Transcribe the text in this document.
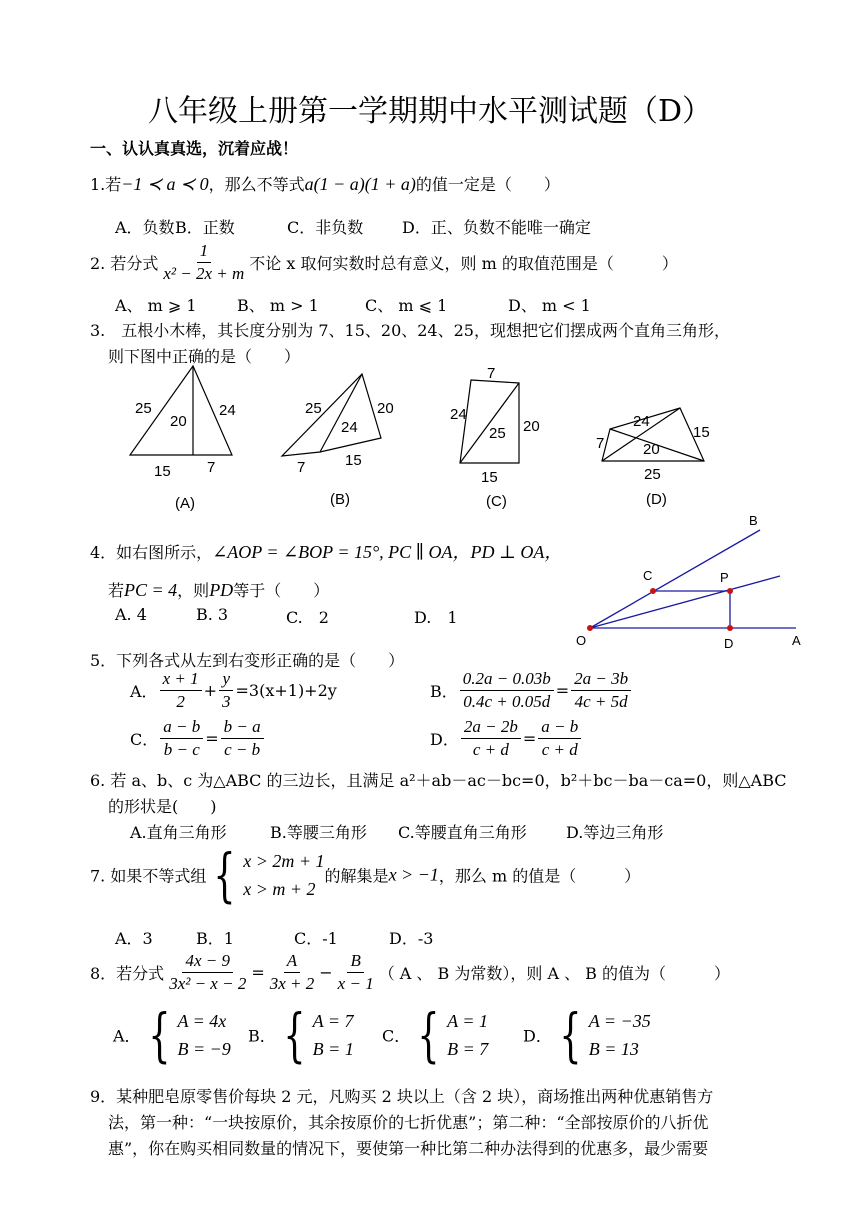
八年级上册第一学期期中水平测试题（D）
一、认认真真选，沉着应战！
1.若−1 ≺ a ≺ 0，那么不等式a(1 − a)(1 + a)的值一定是（　　）
A．负数 B．正数	C．非负数 D．正、负数不能唯一确定
2. 若分式 $\frac{1}{\text{x² − 2x + m}}$ 不论 x 取何实数时总有意义，则 m 的取值范围是（　　　）
A、 m ⩾ 1	B、 m > 1	C、 m ⩽ 1	D、 m < 1
3.　五根小木棒，其长度分别为 7、15、20、24、25，现想把它们摆成两个直角三角形，
则下图中正确的是（　　）
25
20
24
15 7
(A)
25	20
24
15
7
(B)
7
24
25 20
15
(C)
24
15
7	20
25
(D)
4．如右图所示，∠AOP = ∠BOP = 15°, PC ∥ OA，PD ⊥ OA，
若PC = 4，则PD等于（　　）
A. 4	B. 3	C.　2	D.　1
B
C	P
O	D	A
5．下列各式从左到右变形正确的是（　　）
A． $\frac{x + 1}{2} + \frac{y}{3} =3(x+1)+2y$	B． $\frac{0.2a - 0.03b}{0.4c + 0.05d} = \frac{2a - 3b}{4c + 5d}$
C． $\frac{a - b}{b - c} = \frac{b - a}{c - b}$	D． $\frac{2a - 2b}{c + d} = \frac{a - b}{c + d}$
6. 若 a、b、c 为△ABC 的三边长，且满足 a²＋ab－ac－bc=0，b²＋bc－ba－ca=0，则△ABC
的形状是(　　)
A.直角三角形	B.等腰三角形 C.等腰直角三角形 D.等边三角形
7. 如果不等式组 { x > 2m + 1
x > m + 2
的解集是x > −1，那么 m 的值是（　　　）
A．3	B．1	C．-1	D．-3
8．若分式 $\frac{4x - 9}{\text{3x² − x − 2}} = \frac{A}{3x + 2} - \frac{B}{x - 1}$ （ A 、 B 为常数），则 A 、 B 的值为（　　　）
A． { A = 4x
B = −9
B． { A = 7
B = 1
C． { A = 1
B = 7
D． { A = −35
B = 13
9．某种肥皂原零售价每块 2 元，凡购买 2 块以上（含 2 块），商场推出两种优惠销售方
法，第一种：“一块按原价，其余按原价的七折优惠”；第二种：“全部按原价的八折优
惠”，你在购买相同数量的情况下，要使第一种比第二种办法得到的优惠多，最少需要
